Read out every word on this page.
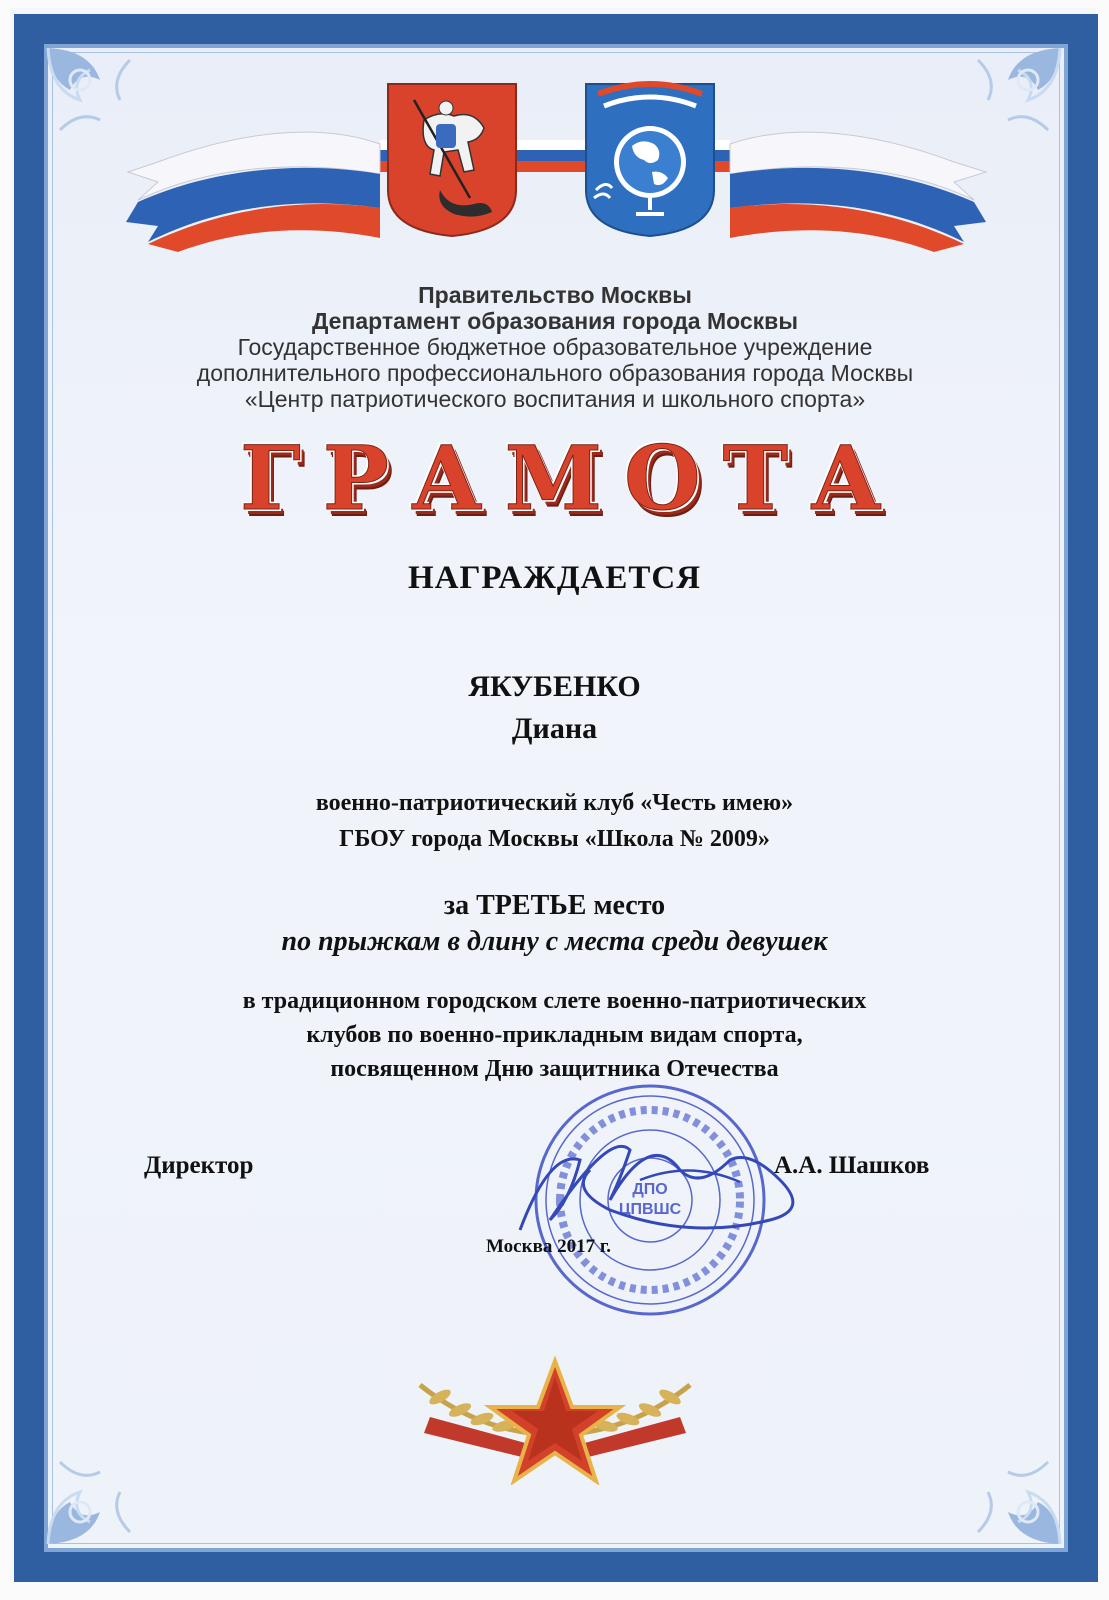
Правительство Москвы
Департамент образования города Москвы
Государственное бюджетное образовательное учреждение
дополнительного профессионального образования города Москвы
«Центр патриотического воспитания и школьного спорта»
ГРАМОТА
НАГРАЖДАЕТСЯ
ЯКУБЕНКО
Диана
военно-патриотический клуб «Честь имею»
ГБОУ города Москвы «Школа № 2009»
за ТРЕТЬЕ место
по прыжкам в длину с места среди девушек
в традиционном городском слете военно-патриотических
клубов по военно-прикладным видам спорта,
посвященном Дню защитника Отечества
ДПО
ЦПВШС
Директор	А.А. Шашков
Москва 2017 г.
